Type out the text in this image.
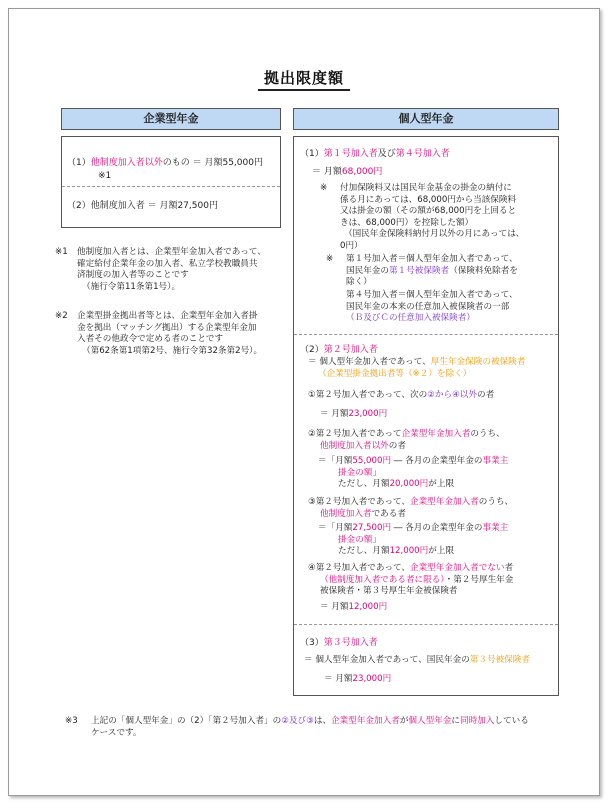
拠出限度額
企業型年金
（1）他制度加入者以外のもの ＝ 月額55,000円
※1
（2）他制度加入者 ＝ 月額27,500円
※1 他制度加入者とは、企業型年金加入者であって、
確定給付企業年金の加入者、私立学校教職員共
済制度の加入者等のことです
（施行令第11条第1号）。
※2 企業型掛金拠出者等とは、企業型年金加入者掛
金を拠出（マッチング拠出）する企業型年金加
入者その他政令で定める者のことです
（第62条第1項第2号、施行令第32条第2号）。
個人型年金
（1）第１号加入者及び第４号加入者
＝ 月額68,000円
※ 付加保険料又は国民年金基金の掛金の納付に
係る月にあっては、68,000円から当該保険料
又は掛金の額（その額が68,000円を上回ると
きは、68,000円）を控除した額）
（国民年金保険料納付月以外の月にあっては、
0円）
※ 第１号加入者＝個人型年金加入者であって、
国民年金の第１号被保険者（保険料免除者を
除く）
第４号加入者＝個人型年金加入者であって、
国民年金の本来の任意加入被保険者の一部
（Ｂ及びＣの任意加入被保険者）
（2）第２号加入者
＝ 個人型年金加入者であって、厚生年金保険の被保険者
（企業型掛金拠出者等（※２）を除く）
①第２号加入者であって、次の②から④以外の者
＝ 月額23,000円
②第２号加入者であって企業型年金加入者のうち、
他制度加入者以外の者
＝「月額55,000円 ― 各月の企業型年金の事業主
掛金の額」
ただし、月額20,000円が上限
③第２号加入者であって、企業型年金加入者のうち、
他制度加入者である者
＝「月額27,500円 ― 各月の企業型年金の事業主
掛金の額」
ただし、月額12,000円が上限
④第２号加入者であって、企業型年金加入者でない者
（他制度加入者である者に限る）・第２号厚生年金
被保険者・第３号厚生年金被保険者
＝ 月額12,000円
（3）第３号加入者
＝ 個人型年金加入者であって、国民年金の第３号被保険者
＝ 月額23,000円
※3 上記の「個人型年金」の（2）「第２号加入者」の②及び③は、企業型年金加入者が個人型年金に同時加入している
ケースです。
